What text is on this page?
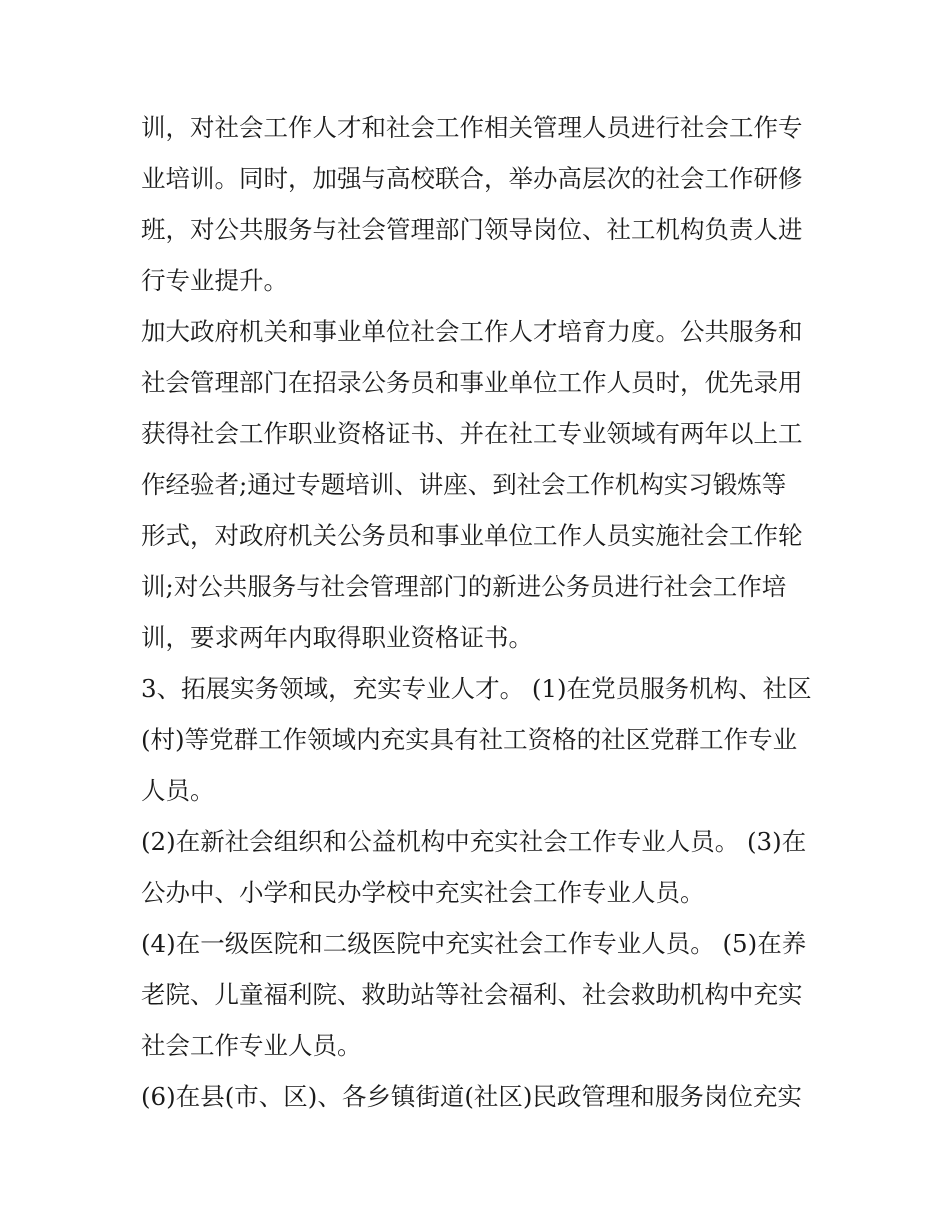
训，对社会工作人才和社会工作相关管理人员进行社会工作专
业培训。同时，加强与高校联合，举办高层次的社会工作研修
班，对公共服务与社会管理部门领导岗位、社工机构负责人进
行专业提升。
加大政府机关和事业单位社会工作人才培育力度。公共服务和
社会管理部门在招录公务员和事业单位工作人员时，优先录用
获得社会工作职业资格证书、并在社工专业领域有两年以上工
作经验者;通过专题培训、讲座、到社会工作机构实习锻炼等
形式，对政府机关公务员和事业单位工作人员实施社会工作轮
训;对公共服务与社会管理部门的新进公务员进行社会工作培
训，要求两年内取得职业资格证书。
3、拓展实务领域，充实专业人才。 (1)在党员服务机构、社区
(村)等党群工作领域内充实具有社工资格的社区党群工作专业
人员。
(2)在新社会组织和公益机构中充实社会工作专业人员。 (3)在
公办中、小学和民办学校中充实社会工作专业人员。
(4)在一级医院和二级医院中充实社会工作专业人员。 (5)在养
老院、儿童福利院、救助站等社会福利、社会救助机构中充实
社会工作专业人员。
(6)在县(市、区)、各乡镇街道(社区)民政管理和服务岗位充实
